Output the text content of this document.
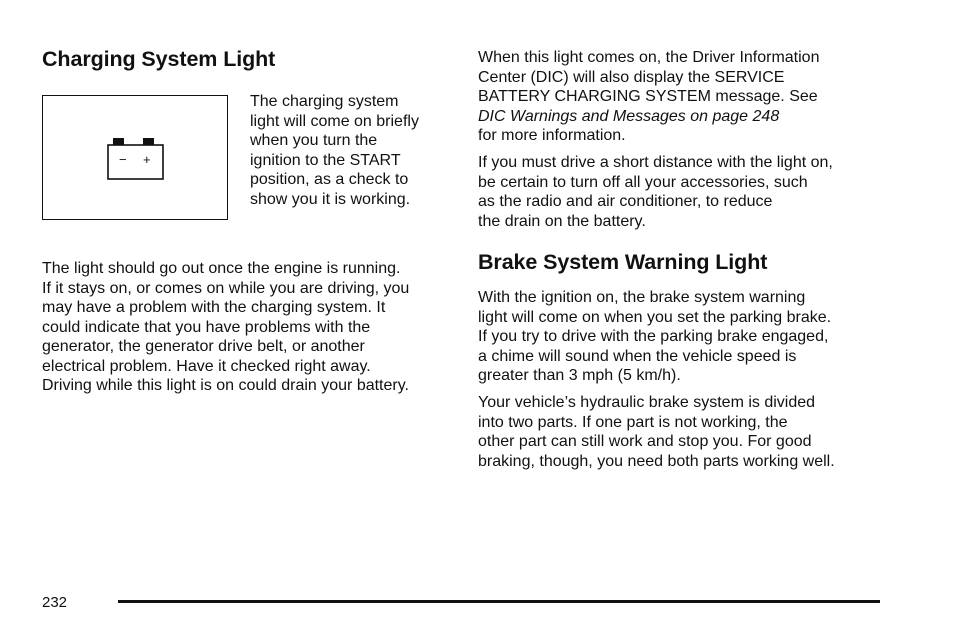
Charging System Light
− +

The charging system
light will come on briefly
when you turn the
ignition to the START
position, as a check to
show you it is working.

The light should go out once the engine is running.
If it stays on, or comes on while you are driving, you
may have a problem with the charging system. It
could indicate that you have problems with the
generator, the generator drive belt, or another
electrical problem. Have it checked right away.
Driving while this light is on could drain your battery.

When this light comes on, the Driver Information
Center (DIC) will also display the SERVICE
BATTERY CHARGING SYSTEM message. See
DIC Warnings and Messages on page 248
for more information.

If you must drive a short distance with the light on,
be certain to turn off all your accessories, such
as the radio and air conditioner, to reduce
the drain on the battery.

Brake System Warning Light

With the ignition on, the brake system warning
light will come on when you set the parking brake.
If you try to drive with the parking brake engaged,
a chime will sound when the vehicle speed is
greater than 3 mph (5 km/h).

Your vehicle’s hydraulic brake system is divided
into two parts. If one part is not working, the
other part can still work and stop you. For good
braking, though, you need both parts working well.

232
